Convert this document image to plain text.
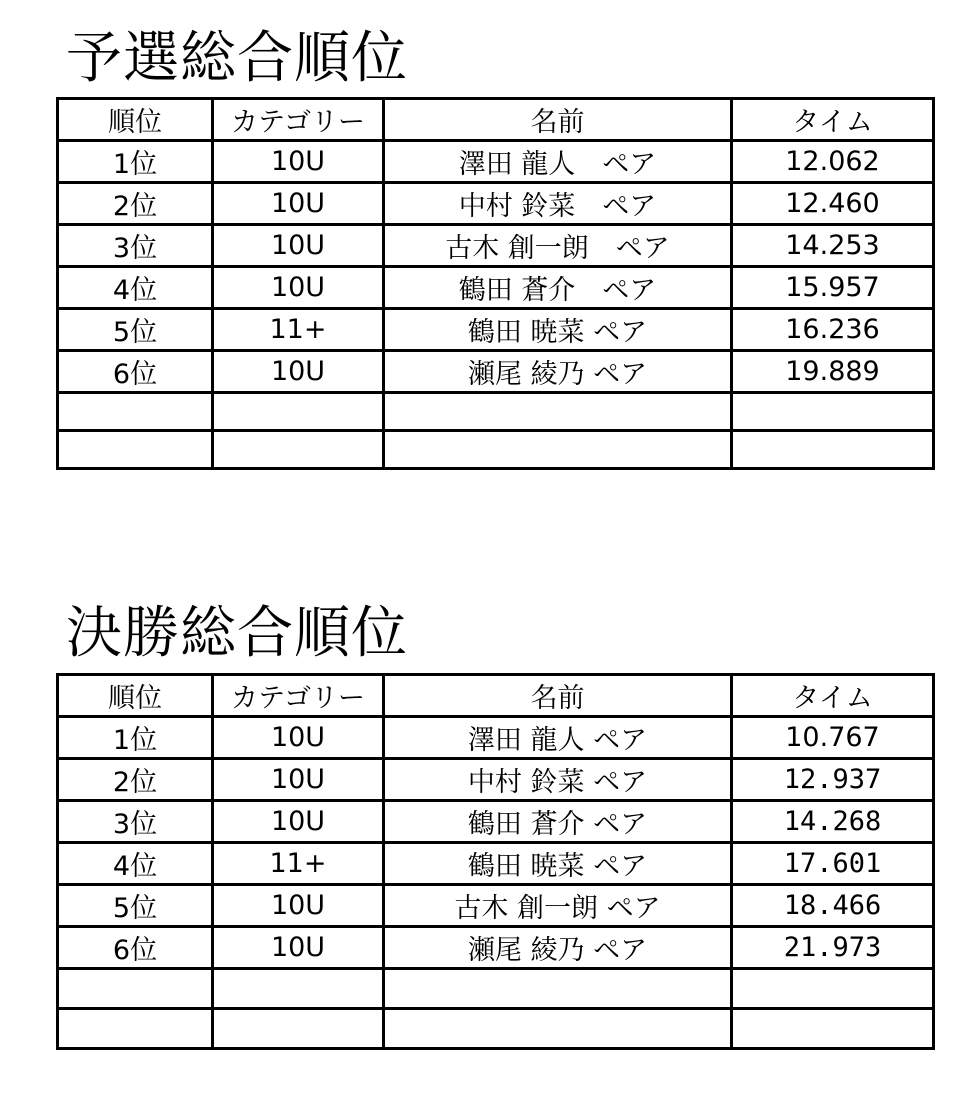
予選総合順位
順位	カテゴリー	名前	タイム
1位	10U	澤田 龍人　ペア	12.062
2位	10U	中村 鈴菜　ペア	12.460
3位	10U	古木 創一朗　ペア	14.253
4位	10U	鶴田 蒼介　ペア	15.957
5位	11+	鶴田 暁菜 ペア	16.236
6位	10U	瀬尾 綾乃 ペア	19.889

決勝総合順位
順位	カテゴリー	名前	タイム
1位	10U	澤田 龍人 ペア	10.767
2位	10U	中村 鈴菜 ペア	12.937
3位	10U	鶴田 蒼介 ペア	14.268
4位	11+	鶴田 暁菜 ペア	17.601
5位	10U	古木 創一朗 ペア	18.466
6位	10U	瀬尾 綾乃 ペア	21.973
